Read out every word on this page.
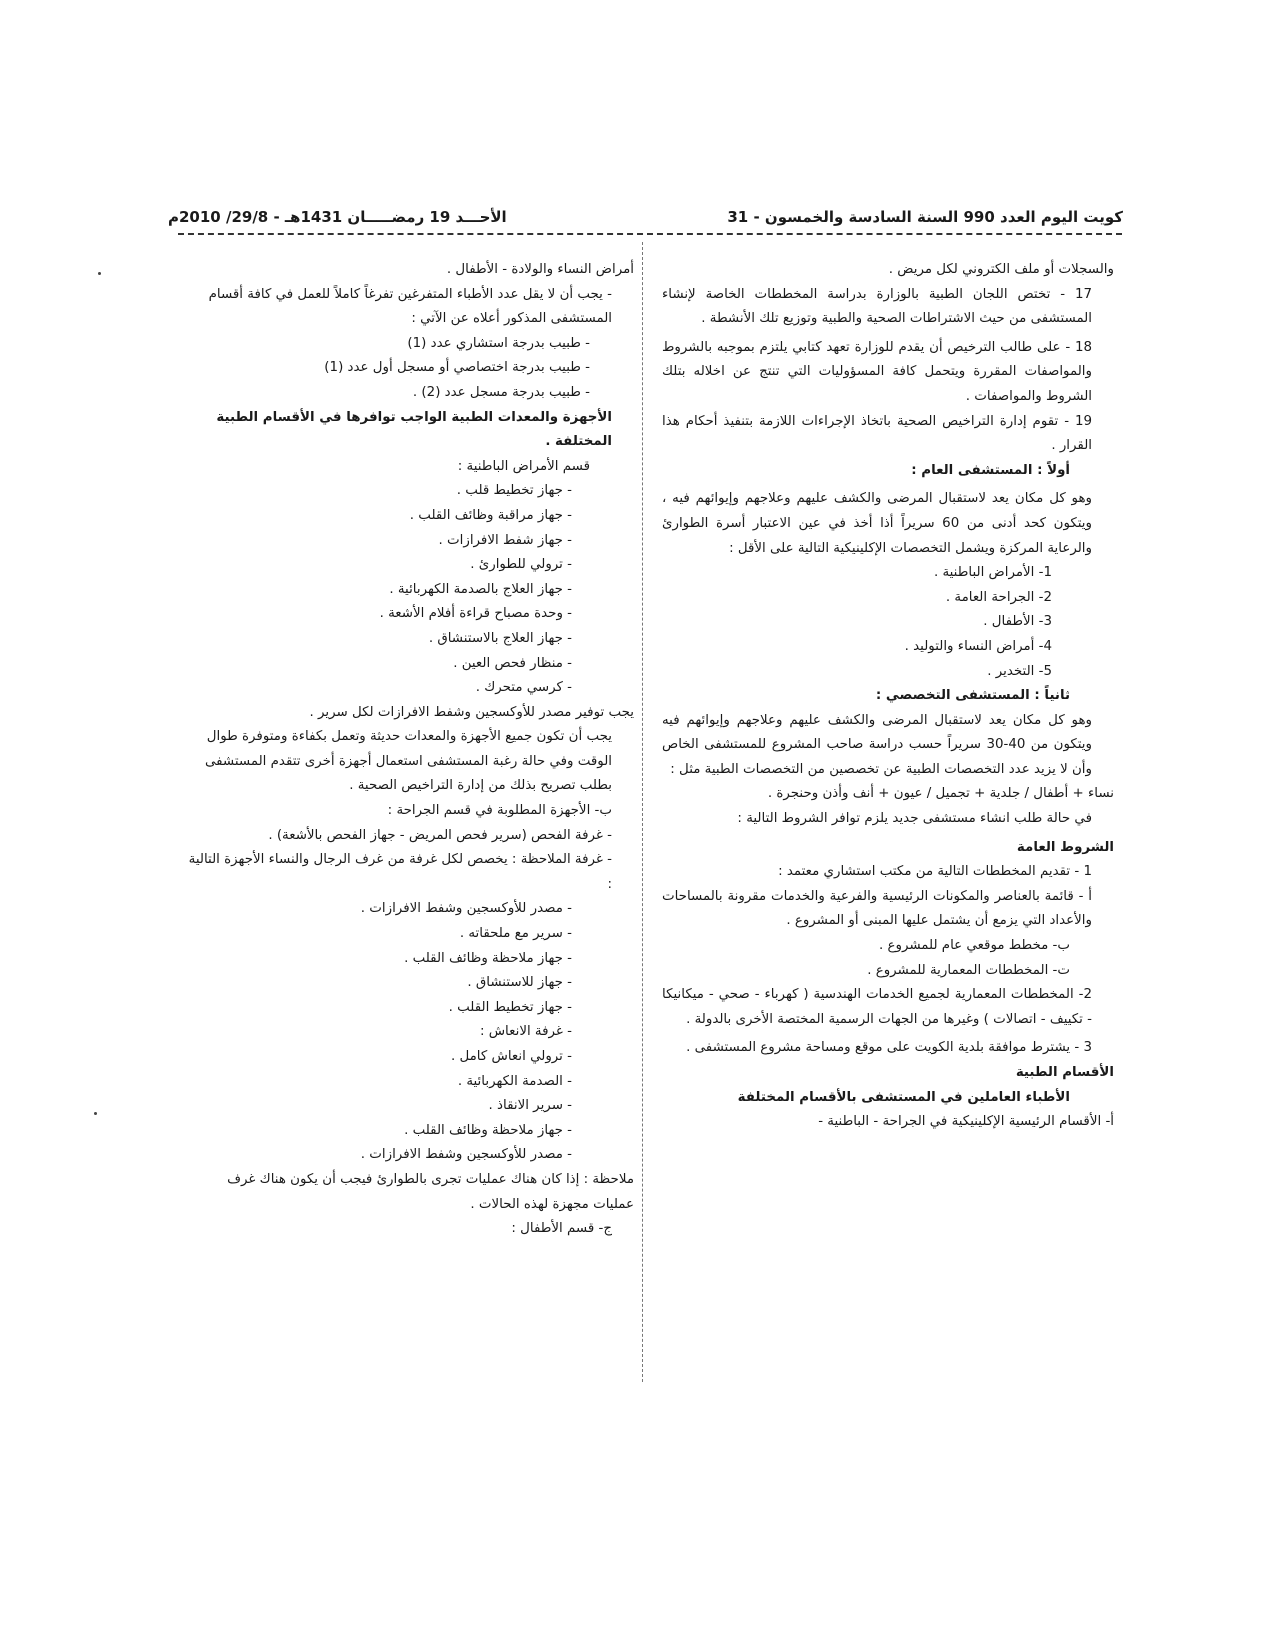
الأحـــد 19 رمضـــــان 1431هـ - 29/8/ 2010م	كويت اليوم العدد 990 السنة السادسة والخمسون - 31

والسجلات أو ملف الكتروني لكل مريض .

17 - تختص اللجان الطبية بالوزارة بدراسة المخططات الخاصة لإنشاء المستشفى من حيث الاشتراطات الصحية والطبية وتوزيع تلك الأنشطة .

18 - على طالب الترخيص أن يقدم للوزارة تعهد كتابي يلتزم بموجبه بالشروط والمواصفات المقررة ويتحمل كافة المسؤوليات التي تنتج عن اخلاله بتلك الشروط والمواصفات .

19 - تقوم إدارة التراخيص الصحية باتخاذ الإجراءات اللازمة بتنفيذ أحكام هذا القرار .

أولاً : المستشفى العام :

وهو كل مكان يعد لاستقبال المرضى والكشف عليهم وعلاجهم وإيوائهم فيه ، ويتكون كحد أدنى من 60 سريراً أذا أخذ في عين الاعتبار أسرة الطوارئ والرعاية المركزة ويشمل التخصصات الإكلينيكية التالية على الأقل :

1- الأمراض الباطنية .

2- الجراحة العامة .

3- الأطفال .

4- أمراض النساء والتوليد .

5- التخدير .

ثانياً : المستشفى التخصصي :

وهو كل مكان يعد لاستقبال المرضى والكشف عليهم وعلاجهم وإيوائهم فيه ويتكون من 40-30 سريراً حسب دراسة صاحب المشروع للمستشفى الخاص وأن لا يزيد عدد التخصصات الطبية عن تخصصين من التخصصات الطبية مثل :

نساء + أطفال / جلدية + تجميل / عيون + أنف وأذن وحنجرة .

في حالة طلب انشاء مستشفى جديد يلزم توافر الشروط التالية :

الشروط العامة

1 - تقديم المخططات التالية من مكتب استشاري معتمد :

أ - قائمة بالعناصر والمكونات الرئيسية والفرعية والخدمات مقرونة بالمساحات والأعداد التي يزمع أن يشتمل عليها المبنى أو المشروع .

ب- مخطط موقعي عام للمشروع .

ت- المخططات المعمارية للمشروع .

2- المخططات المعمارية لجميع الخدمات الهندسية ( كهرباء - صحي - ميكانيكا - تكييف - اتصالات ) وغيرها من الجهات الرسمية المختصة الأخرى بالدولة .

3 - يشترط موافقة بلدية الكويت على موقع ومساحة مشروع المستشفى .

الأقسام الطبية

الأطباء العاملين في المستشفى بالأقسام المختلفة

أ- الأقسام الرئيسية الإكلينيكية في الجراحة - الباطنية -

أمراض النساء والولادة - الأطفال .

- يجب أن لا يقل عدد الأطباء المتفرغين تفرغاً كاملاً للعمل في كافة أقسام المستشفى المذكور أعلاه عن الآتي :

- طبيب بدرجة استشاري عدد (1)

- طبيب بدرجة اختصاصي أو مسجل أول عدد (1)

- طبيب بدرجة مسجل عدد (2) .

الأجهزة والمعدات الطبية الواجب توافرها في الأقسام الطبية المختلفة .

قسم الأمراض الباطنية :

- جهاز تخطيط قلب .

- جهاز مراقبة وظائف القلب .

- جهاز شفط الافرازات .

- ترولي للطوارئ .

- جهاز العلاج بالصدمة الكهربائية .

- وحدة مصباح قراءة أفلام الأشعة .

- جهاز العلاج بالاستنشاق .

- منظار فحص العين .

- كرسي متحرك .

يجب توفير مصدر للأوكسجين وشفط الافرازات لكل سرير .

يجب أن تكون جميع الأجهزة والمعدات حديثة وتعمل بكفاءة ومتوفرة طوال الوقت وفي حالة رغبة المستشفى استعمال أجهزة أخرى تتقدم المستشفى بطلب تصريح بذلك من إدارة التراخيص الصحية .

ب- الأجهزة المطلوبة في قسم الجراحة :

- غرفة الفحص (سرير فحص المريض - جهاز الفحص بالأشعة) .

- غرفة الملاحظة : يخصص لكل غرفة من غرف الرجال والنساء الأجهزة التالية :

- مصدر للأوكسجين وشفط الافرازات .

- سرير مع ملحقاته .

- جهاز ملاحظة وظائف القلب .

- جهاز للاستنشاق .

- جهاز تخطيط القلب .

- غرفة الانعاش :

- ترولي انعاش كامل .

- الصدمة الكهربائية .

- سرير الانقاذ .

- جهاز ملاحظة وظائف القلب .

- مصدر للأوكسجين وشفط الافرازات .

ملاحظة : إذا كان هناك عمليات تجرى بالطوارئ فيجب أن يكون هناك غرف عمليات مجهزة لهذه الحالات .

ج- قسم الأطفال :
